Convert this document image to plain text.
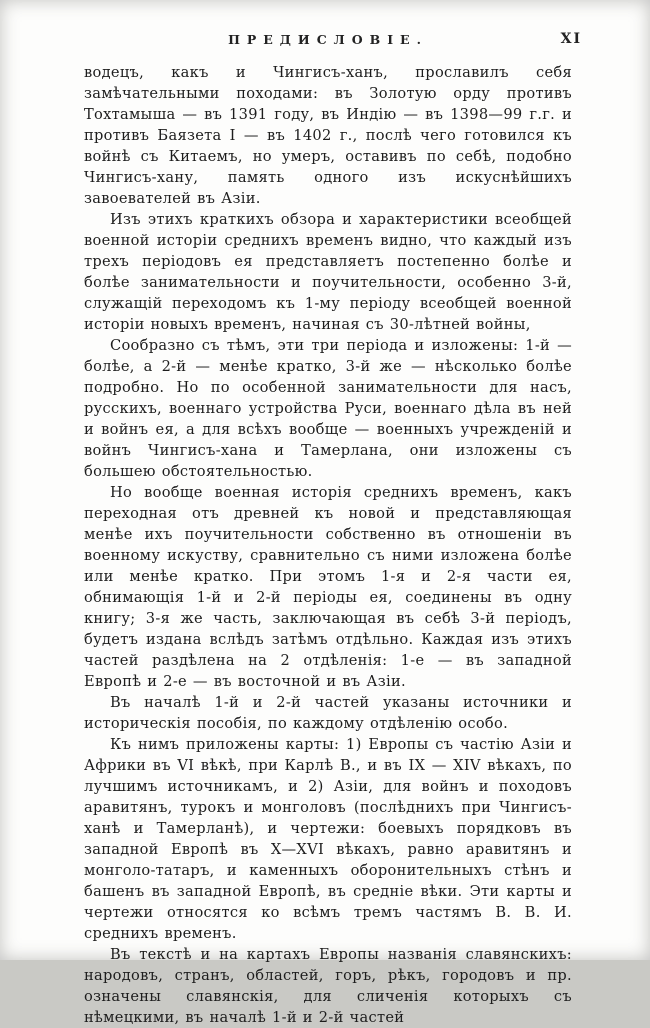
ПРЕДИСЛОВІЕ.	XI

водецъ, какъ и Чингисъ-ханъ, прославилъ себя замѣчательными походами: въ Золотую орду противъ Тохтамыша — въ 1391 году, въ Индію — въ 1398—99 г.г. и противъ Баязета I — въ 1402 г., послѣ чего готовился къ войнѣ съ Китаемъ, но умеръ, оставивъ по себѣ, подобно Чингисъ-хану, память одного изъ искуснѣйшихъ завоевателей въ Азіи.

Изъ этихъ краткихъ обзора и характеристики всеобщей военной исторіи среднихъ временъ видно, что каждый изъ трехъ періодовъ ея представляетъ постепенно болѣе и болѣе занимательности и поучительности, особенно 3-й, служащій переходомъ къ 1-му періоду всеобщей военной исторіи новыхъ временъ, начиная съ 30-лѣтней войны,

Сообразно съ тѣмъ, эти три періода и изложены: 1-й — болѣе, а 2-й — менѣе кратко, 3-й же — нѣсколько болѣе подробно. Но по особенной занимательности для насъ, русскихъ, военнаго устройства Руси, военнаго дѣла въ ней и войнъ ея, а для всѣхъ вообще — военныхъ учрежденій и войнъ Чингисъ-хана и Тамерлана, они изложены съ большею обстоятельностью.

Но вообще военная исторія среднихъ временъ, какъ переходная отъ древней къ новой и представляющая менѣе ихъ поучительности собственно въ отношеніи въ военному искуству, сравнительно съ ними изложена болѣе или менѣе кратко. При этомъ 1-я и 2-я части ея, обнимающія 1-й и 2-й періоды ея, соединены въ одну книгу; 3-я же часть, заключающая въ себѣ 3-й періодъ, будетъ издана вслѣдъ затѣмъ отдѣльно. Каждая изъ этихъ частей раздѣлена на 2 отдѣленія: 1-е — въ западной Европѣ и 2-е — въ восточной и въ Азіи.

Въ началѣ 1-й и 2-й частей указаны источники и историческія пособія, по каждому отдѣленію особо.

Къ нимъ приложены карты: 1) Европы съ частію Азіи и Африки въ VI вѣкѣ, при Карлѣ В., и въ IX — XIV вѣкахъ, по лучшимъ источникамъ, и 2) Азіи, для войнъ и походовъ аравитянъ, турокъ и монголовъ (послѣднихъ при Чингисъ-ханѣ и Тамерланѣ), и чертежи: боевыхъ порядковъ въ западной Европѣ въ X—XVI вѣкахъ, равно аравитянъ и монголо-татаръ, и каменныхъ оборонительныхъ стѣнъ и башенъ въ западной Европѣ, въ средніе вѣки. Эти карты и чертежи относятся ко всѣмъ тремъ частямъ В. В. И. среднихъ временъ.

Въ текстѣ и на картахъ Европы названія славянскихъ: народовъ, странъ, областей, горъ, рѣкъ, городовъ и пр. означены славянскія, для сличенія которыхъ съ нѣмецкими, въ началѣ 1-й и 2-й частей
